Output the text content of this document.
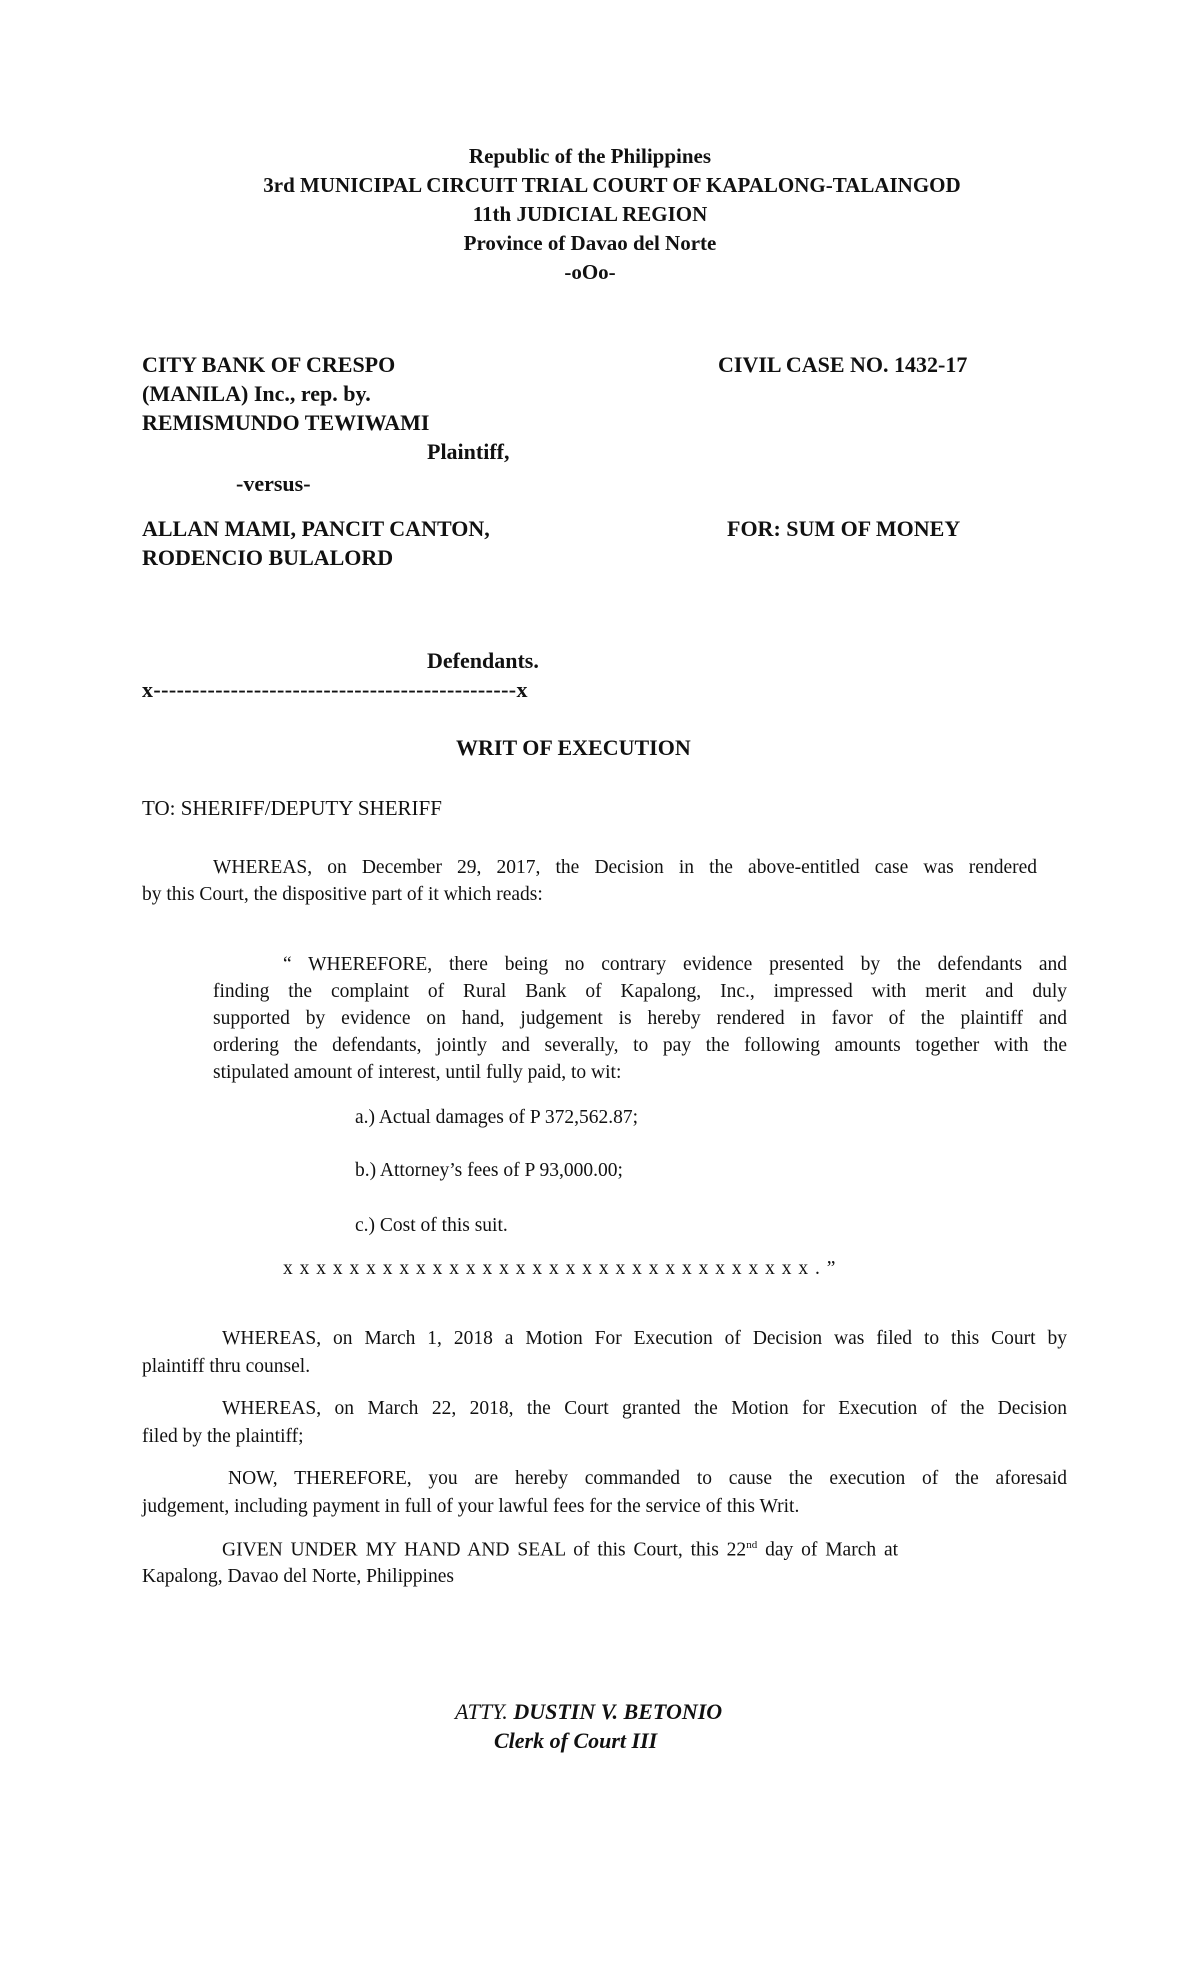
Republic of the Philippines
3rd MUNICIPAL CIRCUIT TRIAL COURT OF KAPALONG-TALAINGOD
11th JUDICIAL REGION
Province of Davao del Norte
-oOo-
CITY BANK OF CRESPO
(MANILA) Inc., rep. by.
REMISMUNDO TEWIWAMI
Plaintiff,
-versus-
ALLAN MAMI, PANCIT CANTON,
RODENCIO BULALORD
Defendants.
x-----------------------------------------------x
CIVIL CASE NO. 1432-17
FOR: SUM OF MONEY
WRIT OF EXECUTION
TO: SHERIFF/DEPUTY SHERIFF
WHEREAS, on December 29, 2017, the Decision in the above-entitled case was rendered
by this Court, the dispositive part of it which reads:
“ WHEREFORE, there being no contrary evidence presented by the defendants and
finding the complaint of Rural Bank of Kapalong, Inc., impressed with merit and duly
supported by evidence on hand, judgement is hereby rendered in favor of the plaintiff and
ordering the defendants, jointly and severally, to pay the following amounts together with the
stipulated amount of interest, until fully paid, to wit:
a.) Actual damages of P 372,562.87;
b.) Attorney’s fees of P 93,000.00;
c.) Cost of this suit.
x x x x x x x x x x x x x x x x x x x x x x x x x x x x x x x x . ”
WHEREAS, on March 1, 2018 a Motion For Execution of Decision was filed to this Court by
plaintiff thru counsel.
WHEREAS, on March 22, 2018, the Court granted the Motion for Execution of the Decision
filed by the plaintiff;
NOW, THEREFORE, you are hereby commanded to cause the execution of the aforesaid
judgement, including payment in full of your lawful fees for the service of this Writ.
GIVEN UNDER MY HAND AND SEAL of this Court, this 22nd day of March at
Kapalong, Davao del Norte, Philippines
ATTY. DUSTIN V. BETONIO
Clerk of Court III
